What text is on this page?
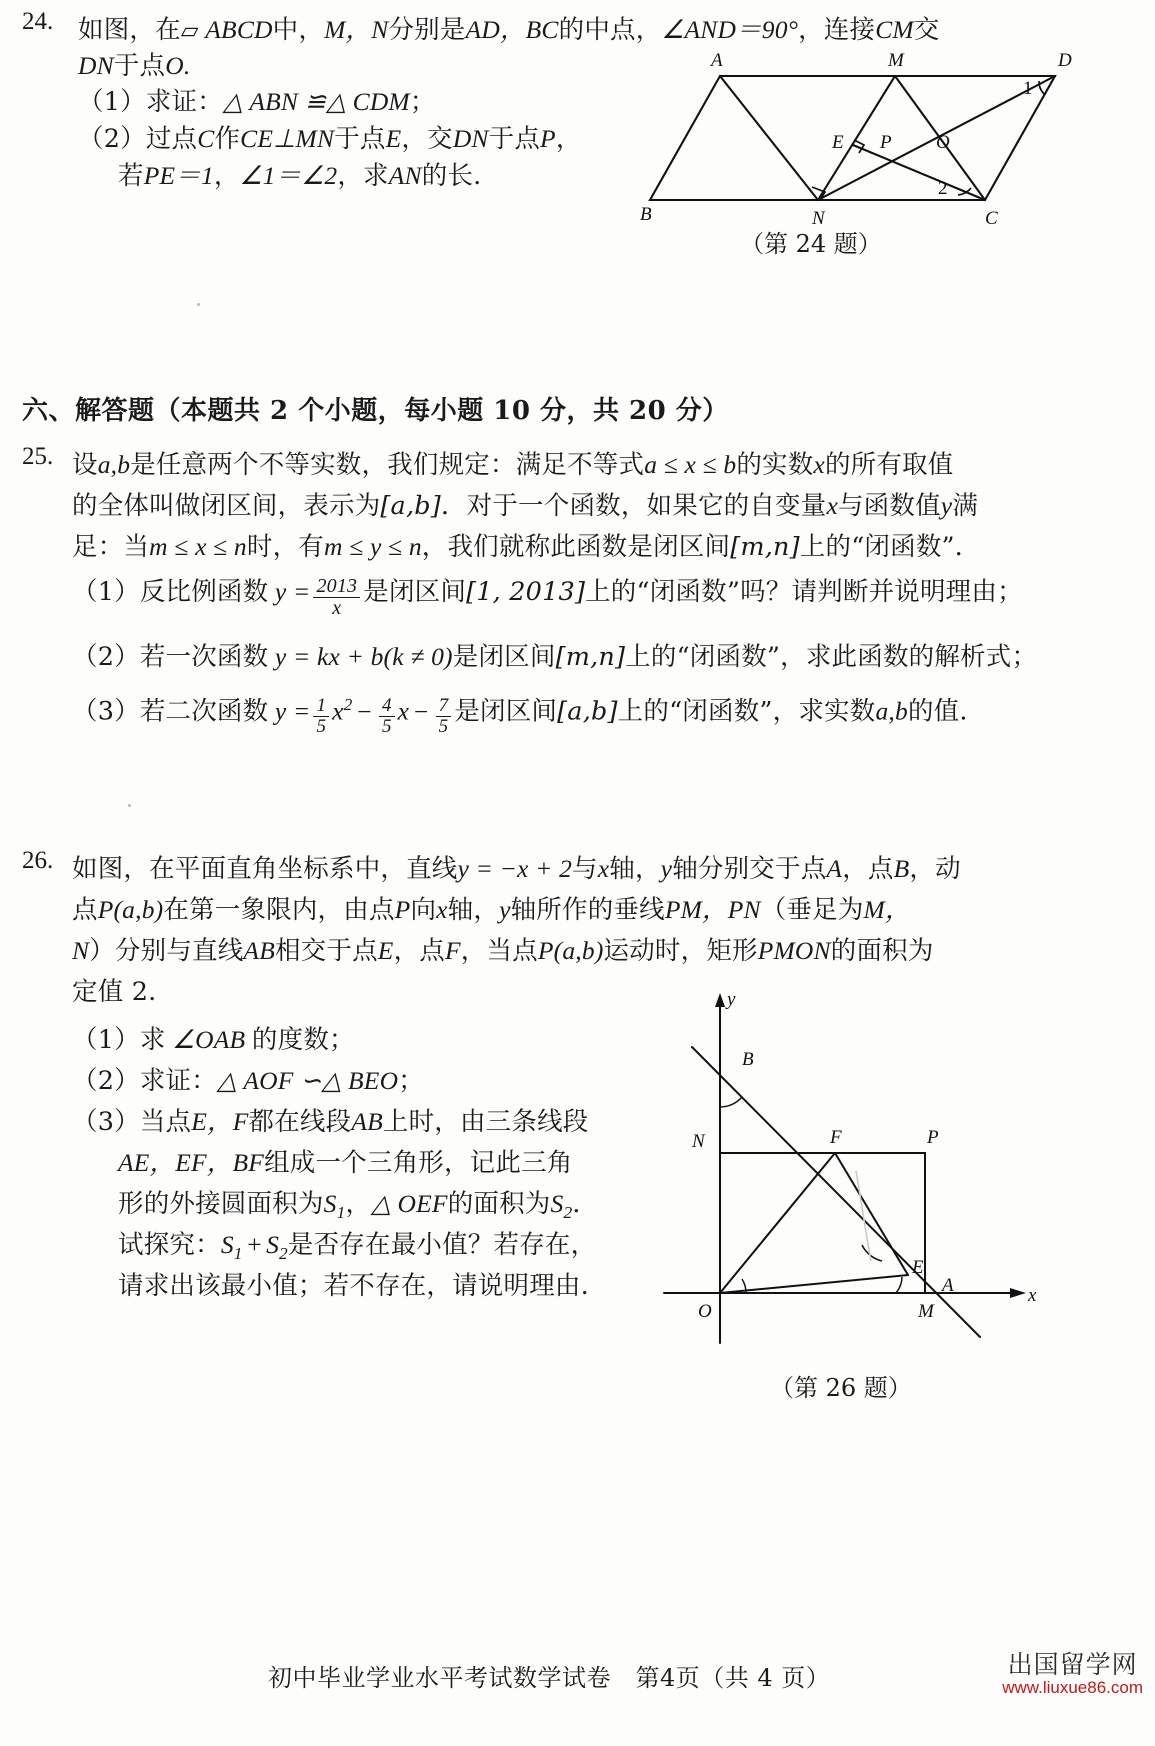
24. 如图，在▱ ABCD中，M，N分别是AD，BC的中点，∠AND＝90°，连接CM交
DN于点O.
（1）求证：△ ABN ≌△ CDM；
（2）过点C作CE⊥MN于点E，交DN于点P，
若PE＝1，∠1＝∠2，求AN的长.
A	M	D
B	N	C
E P O
1
2
（第 24 题）
六、解答题（本题共 2 个小题，每小题 10 分，共 20 分）
25. 设a,b是任意两个不等实数，我们规定：满足不等式a ≤ x ≤ b的实数x的所有取值
的全体叫做闭区间，表示为[a,b]．对于一个函数，如果它的自变量x与函数值y满
足：当m ≤ x ≤ n时，有m ≤ y ≤ n，我们就称此函数是闭区间[m,n]上的“闭函数”．
（1）反比例函数 $y = \frac{2013}{x}$ 是闭区间[1, 2013]上的“闭函数”吗？请判断并说明理由；
（2）若一次函数 y = kx + b(k ≠ 0)是闭区间[m,n]上的“闭函数”，求此函数的解析式；
（3）若二次函数 $y = \frac{1}{5} x^2 - \frac{4}{5}$ $x - \frac{7}{5}$ 是闭区间[a,b]上的“闭函数”，求实数a,b的值.
26. 如图，在平面直角坐标系中，直线y = −x + 2与x轴，y轴分别交于点A，点B，动
点P(a,b)在第一象限内，由点P向x轴，y轴所作的垂线PM，PN（垂足为M，
N）分别与直线AB相交于点E，点F，当点P(a,b)运动时，矩形PMON的面积为
定值 2.
（1）求 ∠OAB 的度数；
（2）求证：△ AOF ∽△ BEO；
（3）当点E，F都在线段AB上时，由三条线段
AE，EF，BF组成一个三角形，记此三角
形的外接圆面积为$S_1$，△ OEF的面积为$S_2$．
试探究：$S_1 + S_2$是否存在最小值？若存在，
请求出该最小值；若不存在，请说明理由.
y
x
O
B
N	F	P
E
A
M
（第 26 题）
初中毕业学业水平考试数学试卷　第4页（共 4 页）	出国留学网
www.liuxue86.com
